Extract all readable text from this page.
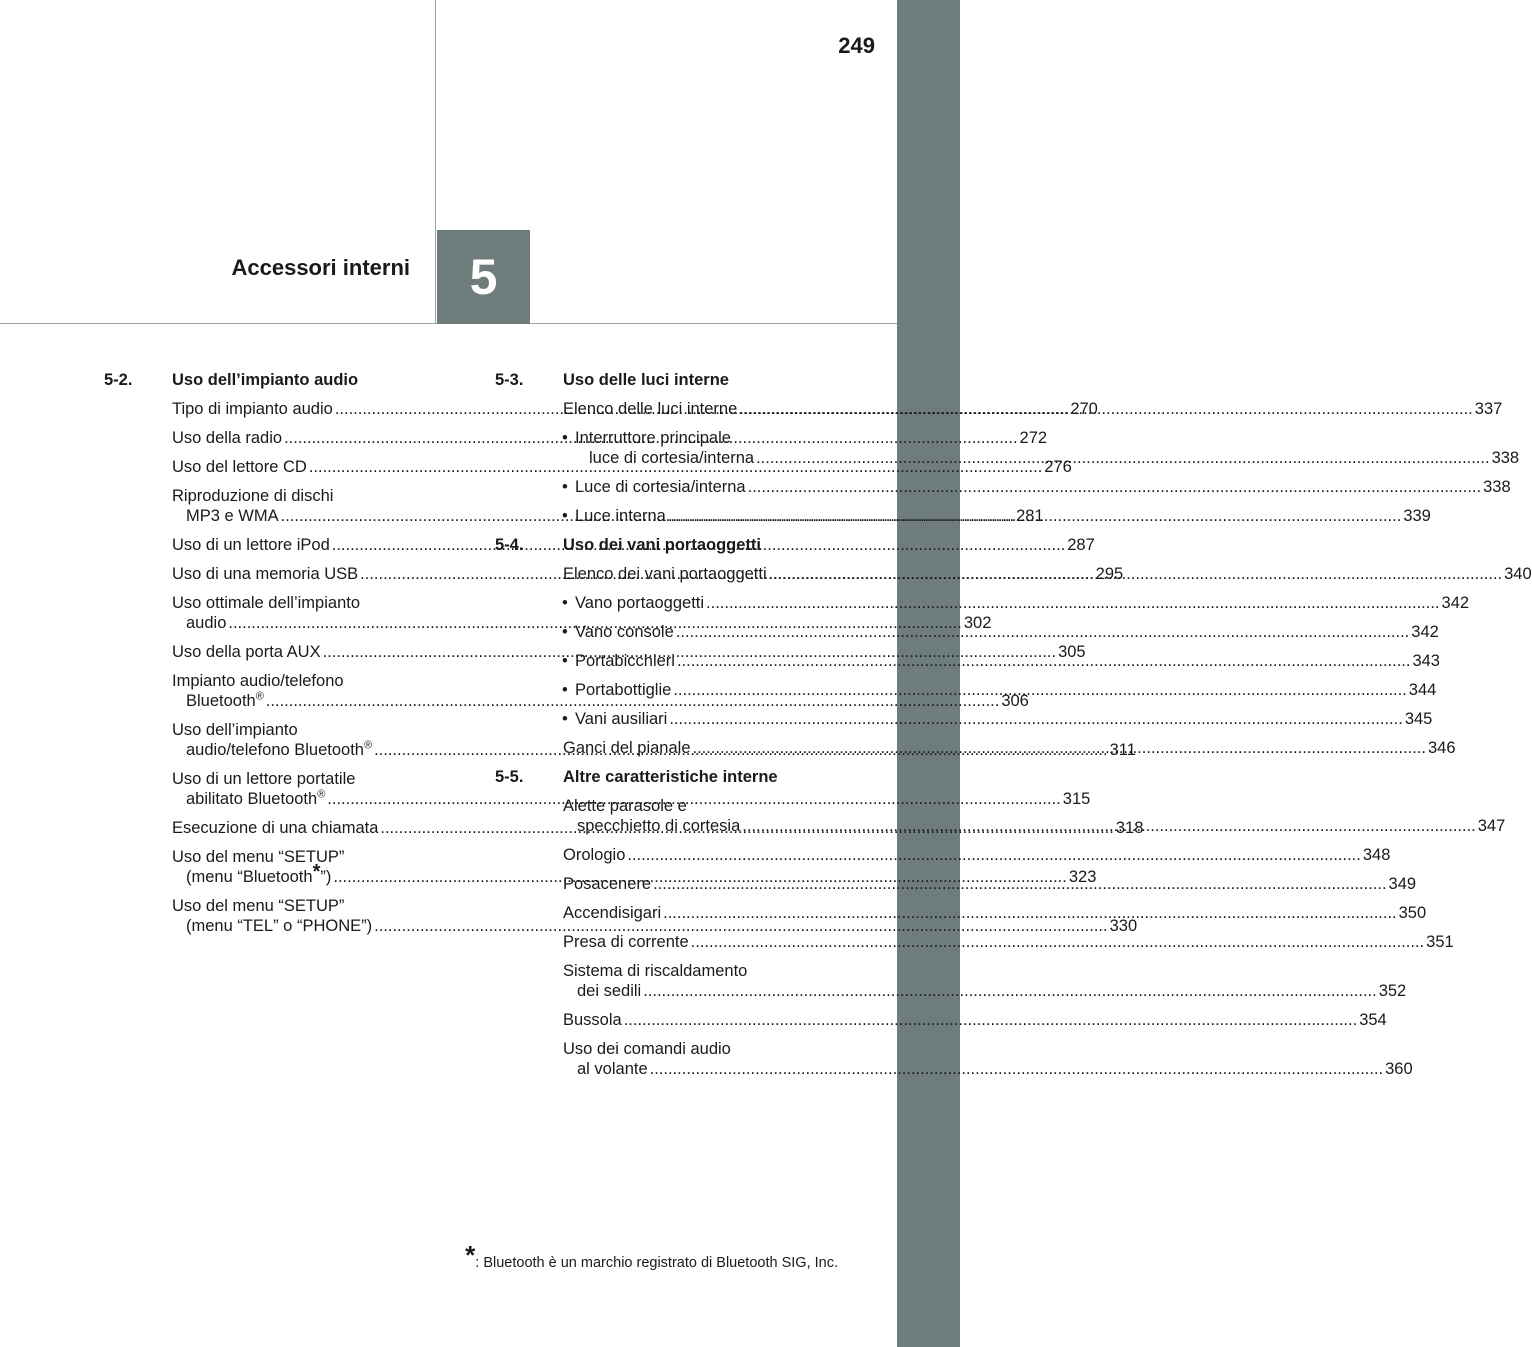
249
Accessori interni 5
5-2.	Uso dell’impianto audio
Tipo di impianto audio .....	270
Uso della radio .....	272
Uso del lettore CD .....	276
Riproduzione di dischi
MP3 e WMA .....	281
Uso di un lettore iPod .....	287
Uso di una memoria USB .....	295
Uso ottimale dell’impianto
audio .....	302
Uso della porta AUX .....	305
Impianto audio/telefono
Bluetooth® .....	306
Uso dell’impianto
audio/telefono Bluetooth® .....	311
Uso di un lettore portatile
abilitato Bluetooth® .....	315
Esecuzione di una chiamata .....	318
Uso del menu “SETUP”
(menu “Bluetooth*”) .....	323
Uso del menu “SETUP”
(menu “TEL” o “PHONE”) .....	330
5-3.	Uso delle luci interne
Elenco delle luci interne .....	337
• Interruttore principale
luce di cortesia/interna .....	338
• Luce di cortesia/interna .....	338
• Luce interna .....	339
5-4.	Uso dei vani portaoggetti
Elenco dei vani portaoggetti .....	340
• Vano portaoggetti .....	342
• Vano console .....	342
• Portabicchieri .....	343
• Portabottiglie .....	344
• Vani ausiliari .....	345
Ganci del pianale .....	346
5-5.	Altre caratteristiche interne
Alette parasole e
specchietto di cortesia .....	347
Orologio .....	348
Posacenere .....	349
Accendisigari .....	350
Presa di corrente .....	351
Sistema di riscaldamento
dei sedili .....	352
Bussola .....	354
Uso dei comandi audio
al volante .....	360
*: Bluetooth è un marchio registrato di Bluetooth SIG, Inc.
